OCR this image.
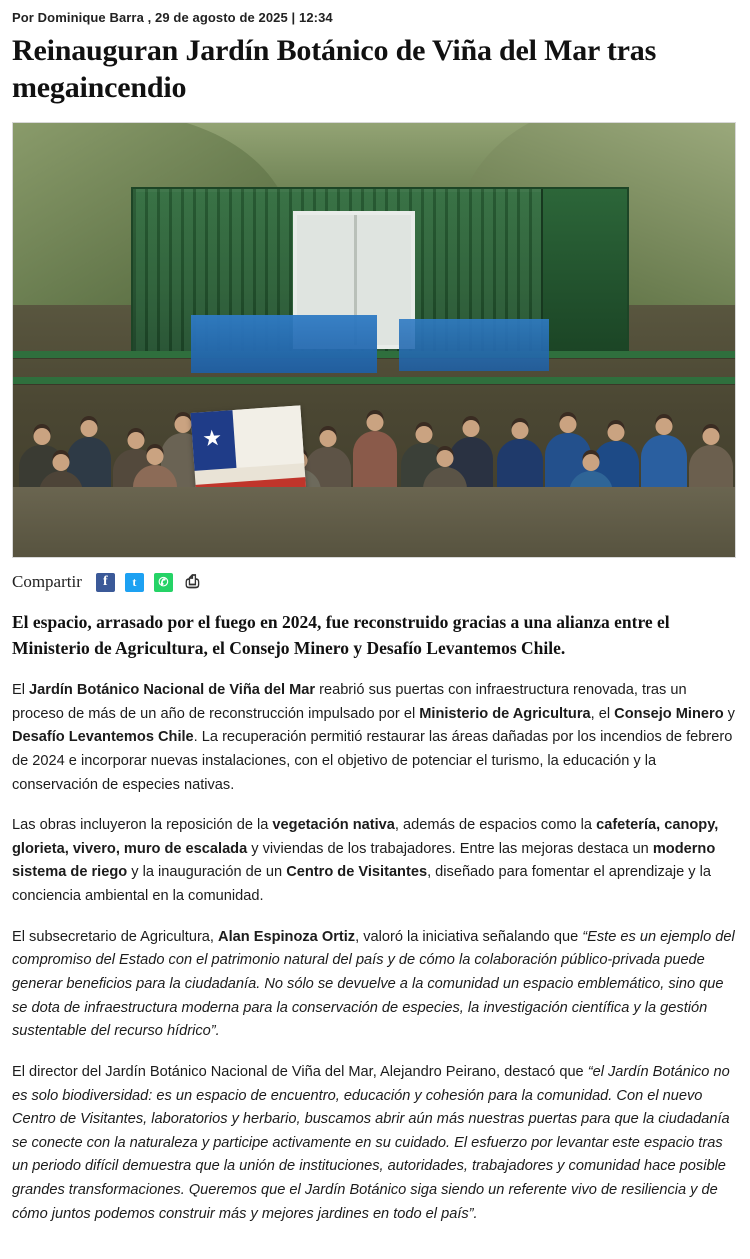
Por Dominique Barra , 29 de agosto de 2025 | 12:34
Reinauguran Jardín Botánico de Viña del Mar tras megaincendio
★
Compartir	f	t	✆ ⎙

El espacio, arrasado por el fuego en 2024, fue reconstruido gracias a una alianza entre el Ministerio de Agricultura, el Consejo Minero y Desafío Levantemos Chile.

El Jardín Botánico Nacional de Viña del Mar reabrió sus puertas con infraestructura renovada, tras un proceso de más de un año de reconstrucción impulsado por el Ministerio de Agricultura, el Consejo Minero y Desafío Levantemos Chile. La recuperación permitió restaurar las áreas dañadas por los incendios de febrero de 2024 e incorporar nuevas instalaciones, con el objetivo de potenciar el turismo, la educación y la conservación de especies nativas.

Las obras incluyeron la reposición de la vegetación nativa, además de espacios como la cafetería, canopy, glorieta, vivero, muro de escalada y viviendas de los trabajadores. Entre las mejoras destaca un moderno sistema de riego y la inauguración de un Centro de Visitantes, diseñado para fomentar el aprendizaje y la conciencia ambiental en la comunidad.

El subsecretario de Agricultura, Alan Espinoza Ortiz, valoró la iniciativa señalando que “Este es un ejemplo del compromiso del Estado con el patrimonio natural del país y de cómo la colaboración público-privada puede generar beneficios para la ciudadanía. No sólo se devuelve a la comunidad un espacio emblemático, sino que se dota de infraestructura moderna para la conservación de especies, la investigación científica y la gestión sustentable del recurso hídrico”.

El director del Jardín Botánico Nacional de Viña del Mar, Alejandro Peirano, destacó que “el Jardín Botánico no es solo biodiversidad: es un espacio de encuentro, educación y cohesión para la comunidad. Con el nuevo Centro de Visitantes, laboratorios y herbario, buscamos abrir aún más nuestras puertas para que la ciudadanía se conecte con la naturaleza y participe activamente en su cuidado. El esfuerzo por levantar este espacio tras un periodo difícil demuestra que la unión de instituciones, autoridades, trabajadores y comunidad hace posible grandes transformaciones. Queremos que el Jardín Botánico siga siendo un referente vivo de resiliencia y de cómo juntos podemos construir más y mejores jardines en todo el país”.
